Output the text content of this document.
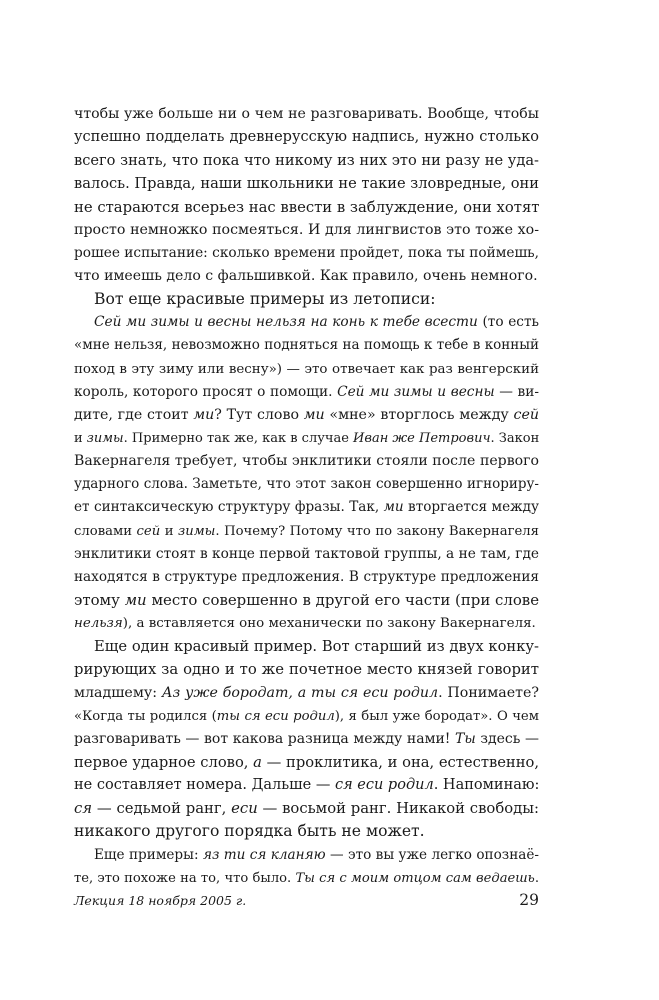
чтобы уже больше ни о чем не разговаривать. Вообще, чтобы
успешно подделать древнерусскую надпись, нужно столько
всего знать, что пока что никому из них это ни разу не уда-
валось. Правда, наши школьники не такие зловредные, они
не стараются всерьез нас ввести в заблуждение, они хотят
просто немножко посмеяться. И для лингвистов это тоже хо-
рошее испытание: сколько времени пройдет, пока ты поймешь,
что имеешь дело с фальшивкой. Как правило, очень немного.
Вот еще красивые примеры из летописи:
Сей ми зимы и весны нельзя на конь к тебе всести (то есть
«мне нельзя, невозможно подняться на помощь к тебе в конный
поход в эту зиму или весну») — это отвечает как раз венгерский
король, которого просят о помощи. Сей ми зимы и весны — ви-
дите, где стоит ми? Тут слово ми «мне» вторглось между сей
и зимы. Примерно так же, как в случае Иван же Петрович. Закон
Вакернагеля требует, чтобы энклитики стояли после первого
ударного слова. Заметьте, что этот закон совершенно игнориру-
ет синтаксическую структуру фразы. Так, ми вторгается между
словами сей и зимы. Почему? Потому что по закону Вакернагеля
энклитики стоят в конце первой тактовой группы, а не там, где
находятся в структуре предложения. В структуре предложения
этому ми место совершенно в другой его части (при слове
нельзя), а вставляется оно механически по закону Вакернагеля.
Еще один красивый пример. Вот старший из двух конку-
рирующих за одно и то же почетное место князей говорит
младшему: Аз уже бородат, а ты ся еси родил. Понимаете?
«Когда ты родился (ты ся еси родил), я был уже бородат». О чем
разговаривать — вот какова разница между нами! Ты здесь —
первое ударное слово, а — проклитика, и она, естественно,
не составляет номера. Дальше — ся еси родил. Напоминаю:
ся — седьмой ранг, еси — восьмой ранг. Никакой свободы:
никакого другого порядка быть не может.
Еще примеры: яз ти ся кланяю — это вы уже легко опознаё-
те, это похоже на то, что было. Ты ся с моим отцом сам ведаешь.
Лекция 18 ноября 2005 г.	29
